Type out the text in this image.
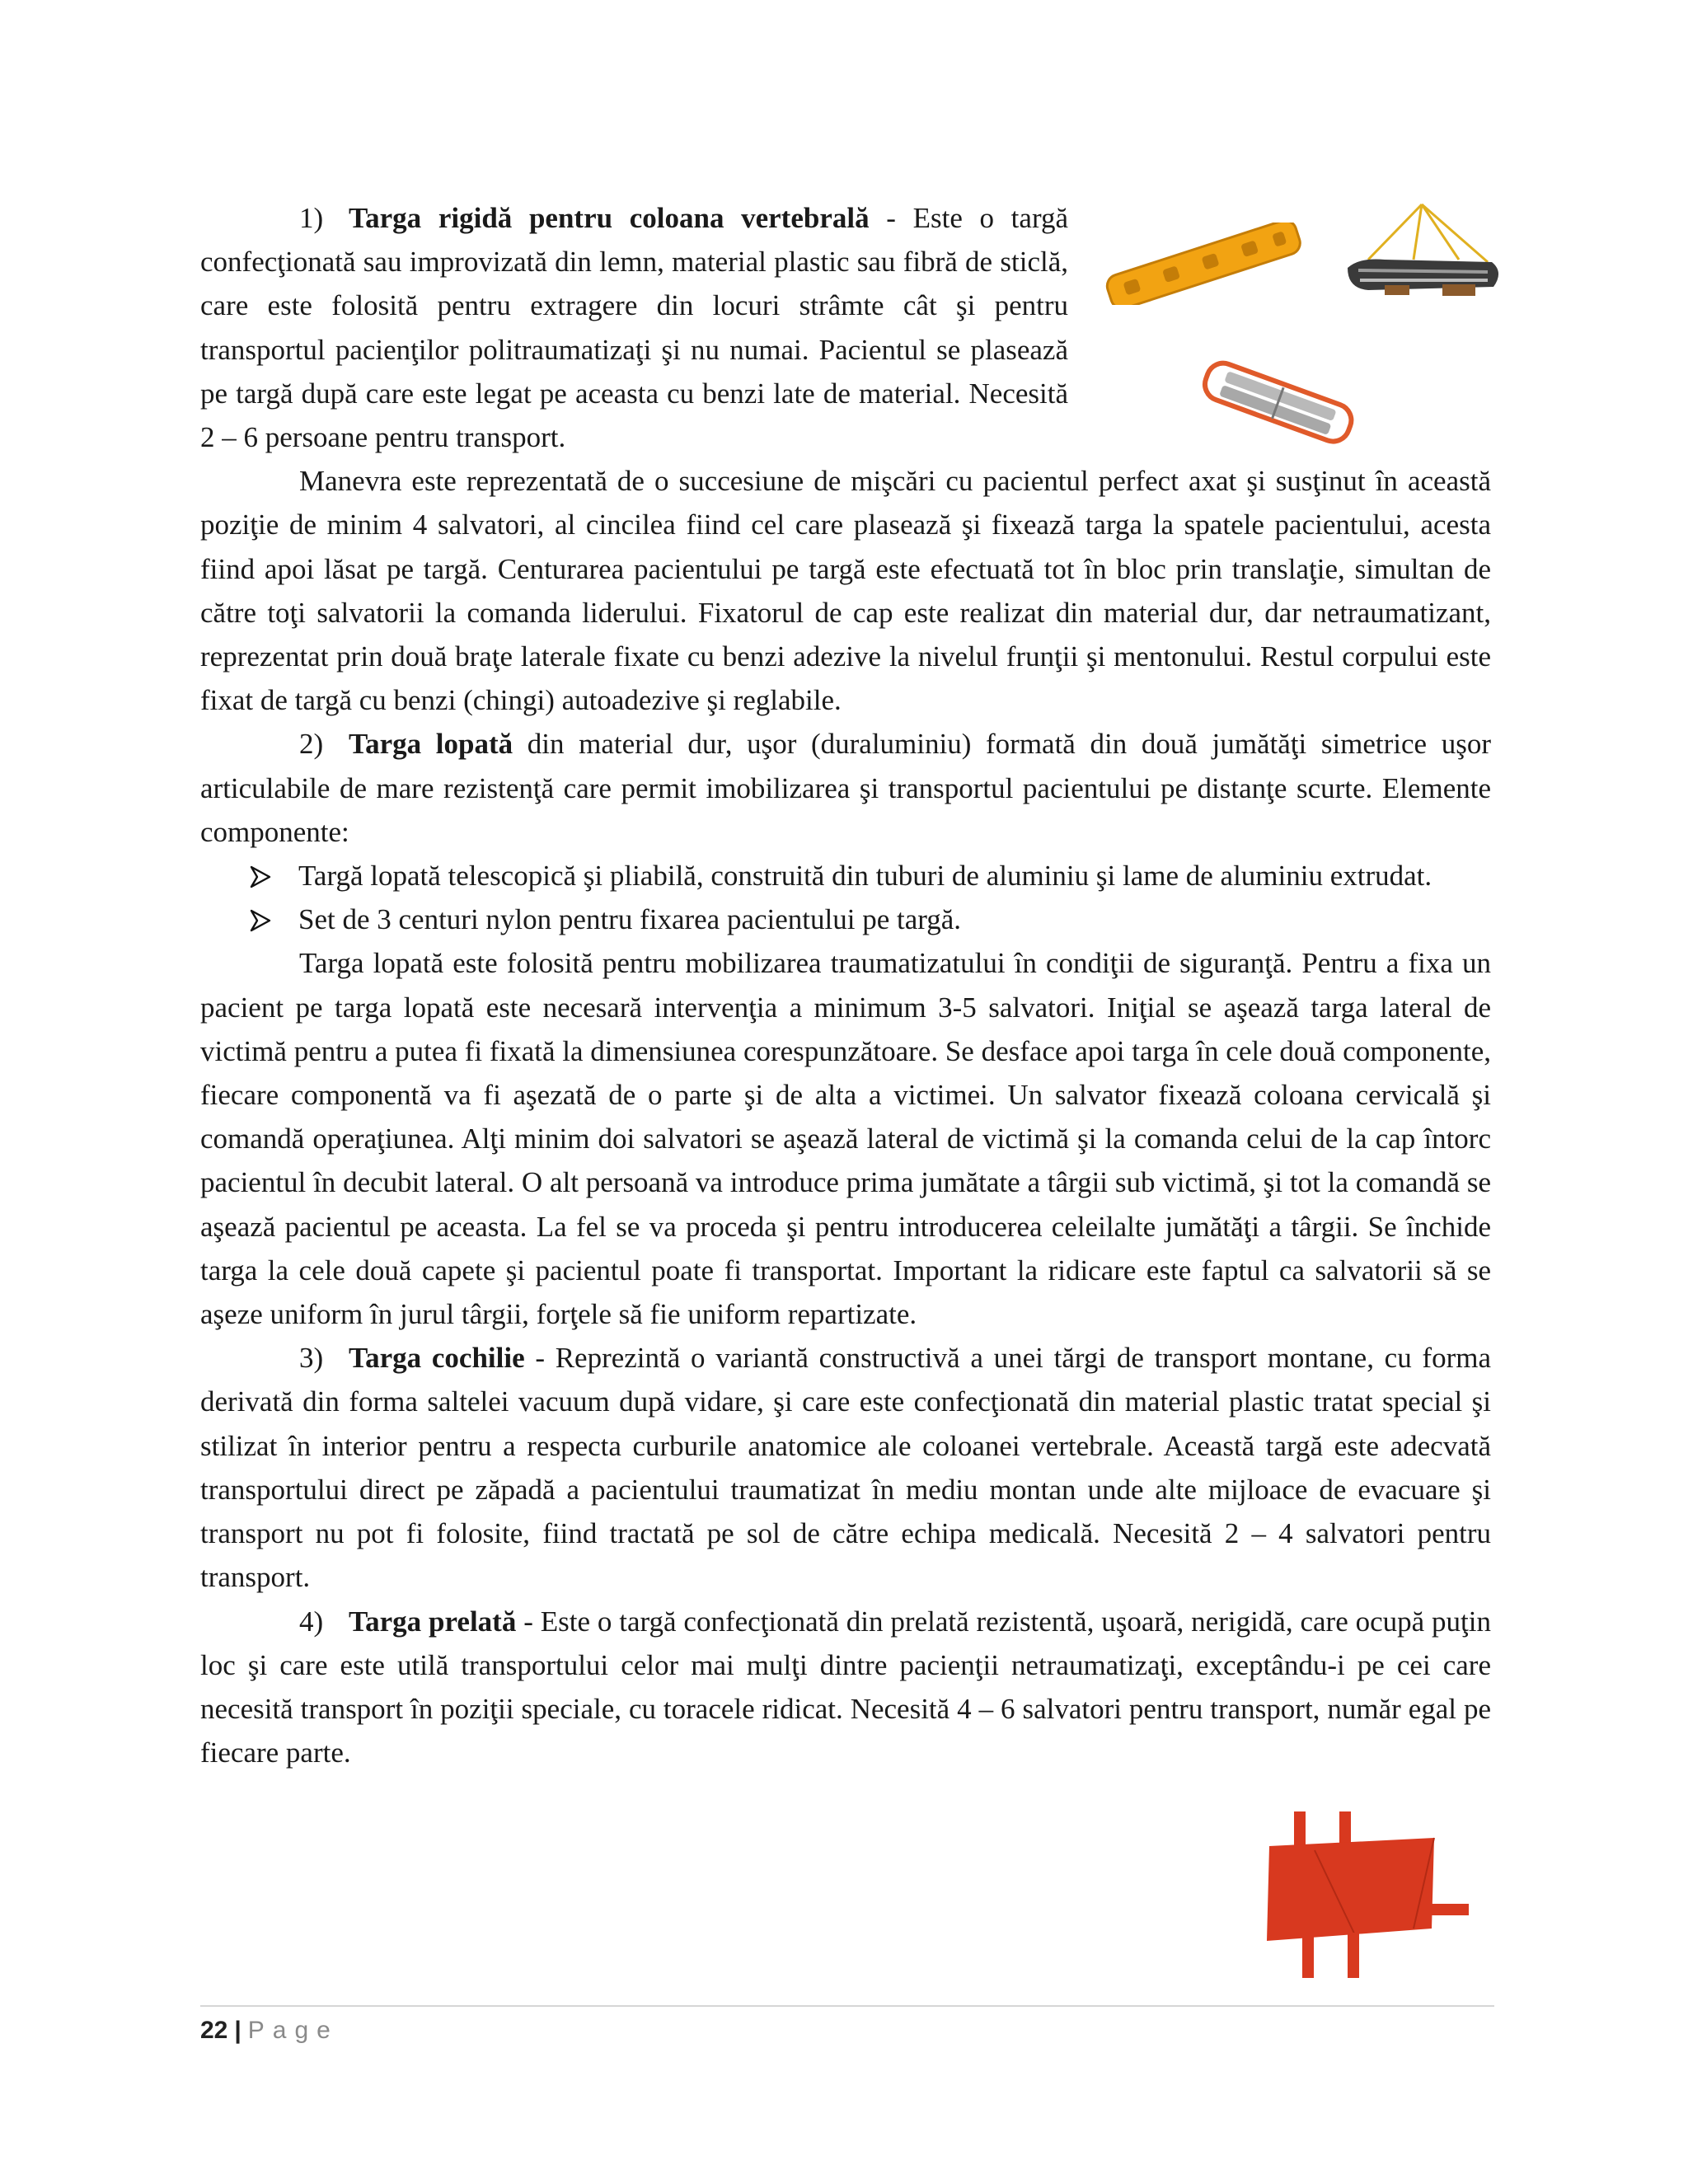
1) Targa rigidă pentru coloana vertebrală - Este o targă confecţionată sau improvizată din lemn, material plastic sau fibră de sticlă, care este folosită pentru extragere din locuri strâmte cât şi pentru transportul pacienţilor politraumatizaţi şi nu numai. Pacientul se plasează pe targă după care este legat pe aceasta cu benzi late de material. Necesită 2 – 6 persoane pentru transport.

Manevra este reprezentată de o succesiune de mişcări cu pacientul perfect axat şi susţinut în această poziţie de minim 4 salvatori, al cincilea fiind cel care plasează şi fixează targa la spatele pacientului, acesta fiind apoi lăsat pe targă. Centurarea pacientului pe targă este efectuată tot în bloc prin translaţie, simultan de către toţi salvatorii la comanda liderului. Fixatorul de cap este realizat din material dur, dar netraumatizant, reprezentat prin două braţe laterale fixate cu benzi adezive la nivelul frunţii şi mentonului. Restul corpului este fixat de targă cu benzi (chingi) autoadezive şi reglabile.

2) Targa lopată din material dur, uşor (duraluminiu) formată din două jumătăţi simetrice uşor articulabile de mare rezistenţă care permit imobilizarea şi transportul pacientului pe distanţe scurte. Elemente componente:

Targă lopată telescopică şi pliabilă, construită din tuburi de aluminiu şi lame de aluminiu extrudat.

Set de 3 centuri nylon pentru fixarea pacientului pe targă.

Targa lopată este folosită pentru mobilizarea traumatizatului în condiţii de siguranţă. Pentru a fixa un pacient pe targa lopată este necesară intervenţia a minimum 3-5 salvatori. Iniţial se aşează targa lateral de victimă pentru a putea fi fixată la dimensiunea corespunzătoare. Se desface apoi targa în cele două componente, fiecare componentă va fi aşezată de o parte şi de alta a victimei. Un salvator fixează coloana cervicală şi comandă operaţiunea. Alţi minim doi salvatori se aşează lateral de victimă şi la comanda celui de la cap întorc pacientul în decubit lateral. O alt persoană va introduce prima jumătate a târgii sub victimă, şi tot la comandă se aşează pacientul pe aceasta. La fel se va proceda şi pentru introducerea celeilalte jumătăţi a târgii. Se închide targa la cele două capete şi pacientul poate fi transportat. Important la ridicare este faptul ca salvatorii să se aşeze uniform în jurul târgii, forţele să fie uniform repartizate.

3) Targa cochilie - Reprezintă o variantă constructivă a unei tărgi de transport montane, cu forma derivată din forma saltelei vacuum după vidare, şi care este confecţionată din material plastic tratat special şi stilizat în interior pentru a respecta curburile anatomice ale coloanei vertebrale. Această targă este adecvată transportului direct pe zăpadă a pacientului traumatizat în mediu montan unde alte mijloace de evacuare şi transport nu pot fi folosite, fiind tractată pe sol de către echipa medicală. Necesită 2 – 4 salvatori pentru transport.

4) Targa prelată - Este o targă confecţionată din prelată rezistentă, uşoară, nerigidă, care ocupă puţin loc şi care este utilă transportului celor mai mulţi dintre pacienţii netraumatizaţi, exceptându-i pe cei care necesită transport în poziţii speciale, cu toracele ridicat. Necesită 4 – 6 salvatori pentru transport, număr egal pe fiecare parte.

22 | Page
